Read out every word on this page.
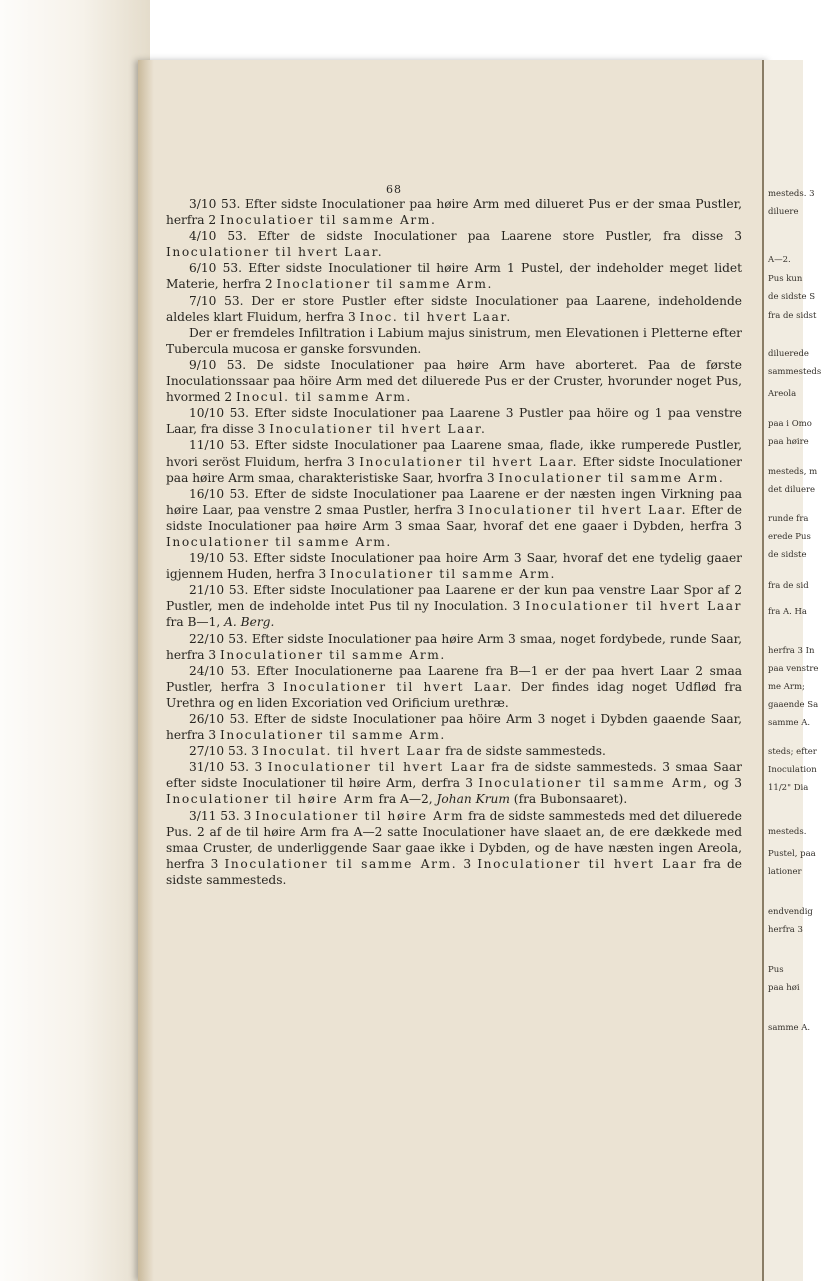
mesteds. 3
diluere
A—2.
Pus kun
de sidste S
fra de sidst
diluerede
sammesteds
Areola
paa i Omo
paa høire
mesteds, m
det diluere
runde fra
erede Pus
de sidste
fra de sid
fra A. Ha
herfra 3 In
paa venstre
me Arm;
gaaende Sa
samme A.
steds; efter
Inoculation
11/2" Dia
mesteds.
Pustel, paa
lationer
endvendig
herfra 3
Pus
paa høi
samme A.
68

3/10 53. Efter sidste Inoculationer paa høire Arm med dilueret Pus er der smaa Pustler, herfra 2 Inoculatioer til samme Arm.

4/10 53. Efter de sidste Inoculationer paa Laarene store Pustler, fra disse 3 Inoculationer til hvert Laar.

6/10 53. Efter sidste Inoculationer til høire Arm 1 Pustel, der indeholder meget lidet Materie, herfra 2 Inoclationer til samme Arm.

7/10 53. Der er store Pustler efter sidste Inoculationer paa Laarene, indeholdende aldeles klart Fluidum, herfra 3 Inoc. til hvert Laar.

Der er fremdeles Infiltration i Labium majus sinistrum, men Elevationen i Pletterne efter Tubercula mucosa er ganske forsvunden.

9/10 53. De sidste Inoculationer paa høire Arm have aborteret. Paa de første Inoculationssaar paa höire Arm med det diluerede Pus er der Cruster, hvorunder noget Pus, hvormed 2 Inocul. til samme Arm.

10/10 53. Efter sidste Inoculationer paa Laarene 3 Pustler paa höire og 1 paa venstre Laar, fra disse 3 Inoculationer til hvert Laar.

11/10 53. Efter sidste Inoculationer paa Laarene smaa, flade, ikke rumperede Pustler, hvori seröst Fluidum, herfra 3 Inoculationer til hvert Laar. Efter sidste Inoculationer paa høire Arm smaa, charakteristiske Saar, hvorfra 3 Inoculationer til samme Arm.

16/10 53. Efter de sidste Inoculationer paa Laarene er der næsten ingen Virkning paa høire Laar, paa venstre 2 smaa Pustler, herfra 3 Inoculationer til hvert Laar. Efter de sidste Inoculationer paa høire Arm 3 smaa Saar, hvoraf det ene gaaer i Dybden, herfra 3 Inoculationer til samme Arm.

19/10 53. Efter sidste Inoculationer paa hoire Arm 3 Saar, hvoraf det ene tydelig gaaer igjennem Huden, herfra 3 Inoculationer til samme Arm.

21/10 53. Efter sidste Inoculationer paa Laarene er der kun paa venstre Laar Spor af 2 Pustler, men de indeholde intet Pus til ny Inoculation. 3 Inoculationer til hvert Laar fra B—1, A. Berg.

22/10 53. Efter sidste Inoculationer paa høire Arm 3 smaa, noget fordybede, runde Saar, herfra 3 Inoculationer til samme Arm.

24/10 53. Efter Inoculationerne paa Laarene fra B—1 er der paa hvert Laar 2 smaa Pustler, herfra 3 Inoculationer til hvert Laar. Der findes idag noget Udflød fra Urethra og en liden Excoriation ved Orificium urethræ.

26/10 53. Efter de sidste Inoculationer paa höire Arm 3 noget i Dybden gaaende Saar, herfra 3 Inoculationer til samme Arm.

27/10 53. 3 Inoculat. til hvert Laar fra de sidste sammesteds.

31/10 53. 3 Inoculationer til hvert Laar fra de sidste sammesteds. 3 smaa Saar efter sidste Inoculationer til høire Arm, derfra 3 Inoculationer til samme Arm, og 3 Inoculationer til høire Arm fra A—2, Johan Krum (fra Bubonsaaret).

3/11 53. 3 Inoculationer til høire Arm fra de sidste sammesteds med det diluerede Pus. 2 af de til høire Arm fra A—2 satte Inoculationer have slaaet an, de ere dækkede med smaa Cruster, de underliggende Saar gaae ikke i Dybden, og de have næsten ingen Areola, herfra 3 Inoculationer til samme Arm. 3 Inoculationer til hvert Laar fra de sidste sammesteds.
